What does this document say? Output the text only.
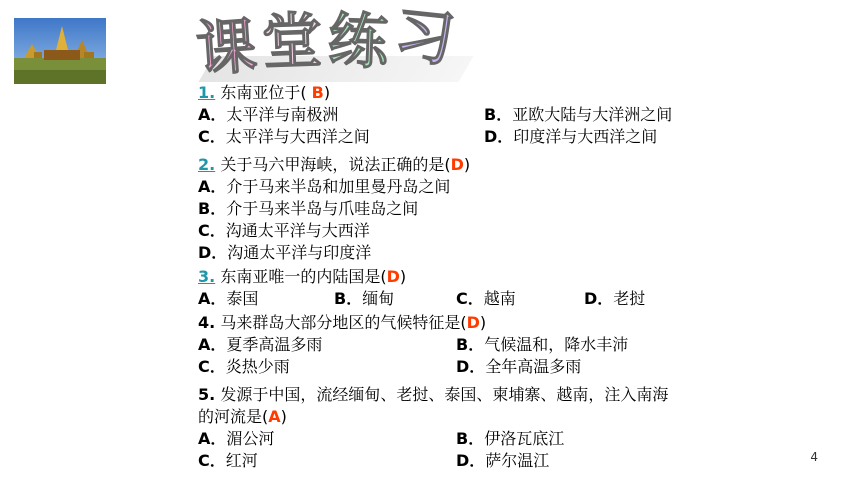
课堂练习
1. 东南亚位于( B)
A．太平洋与南极洲	B．亚欧大陆与大洋洲之间
C．太平洋与大西洋之间	D．印度洋与大西洋之间
2. 关于马六甲海峡，说法正确的是(D)
A．介于马来半岛和加里曼丹岛之间
B．介于马来半岛与爪哇岛之间
C．沟通太平洋与大西洋
D．沟通太平洋与印度洋
3. 东南亚唯一的内陆国是(D)
A．泰国	B．缅甸	C．越南	D．老挝
4. 马来群岛大部分地区的气候特征是(D)
A．夏季高温多雨	B．气候温和，降水丰沛
C．炎热少雨	D．全年高温多雨
5. 发源于中国，流经缅甸、老挝、泰国、柬埔寨、越南，注入南海
的河流是(A)
A．湄公河	B．伊洛瓦底江
C．红河	D．萨尔温江	4
